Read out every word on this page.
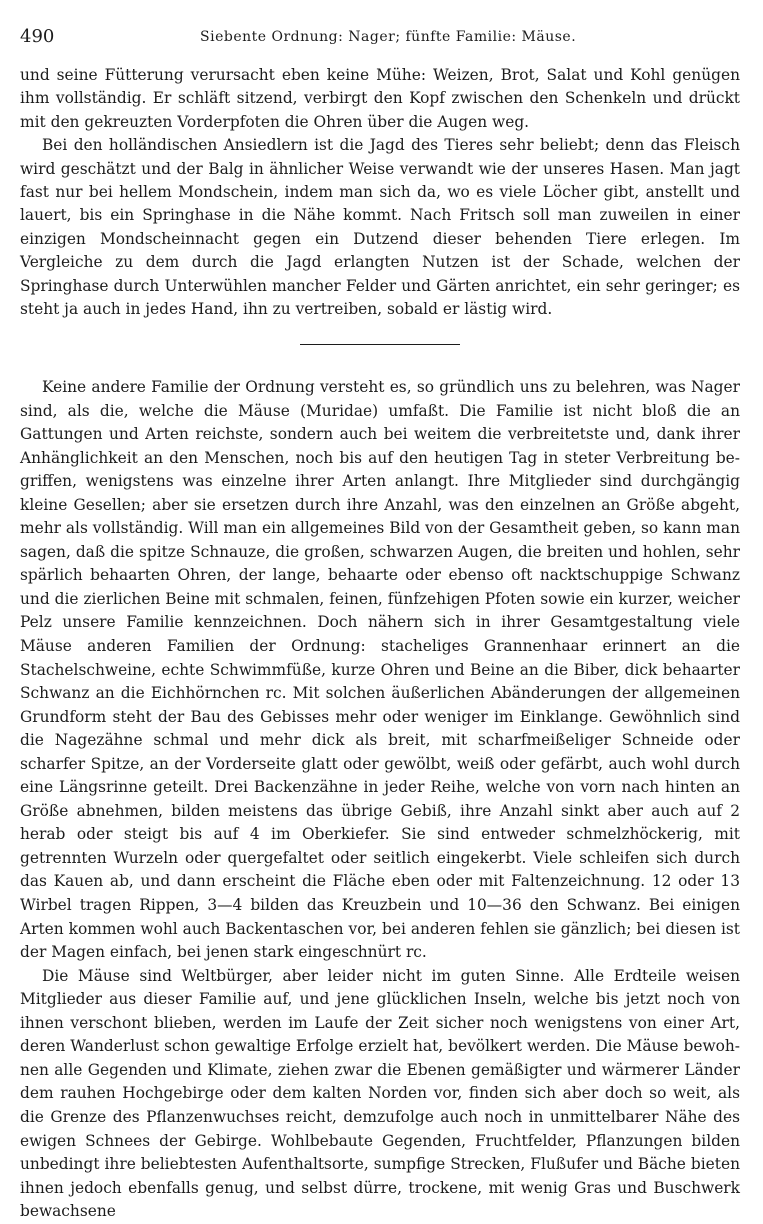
490	Siebente Ordnung: Nager; fünfte Familie: Mäuse.

und seine Fütterung verursacht eben keine Mühe: Weizen, Brot, Salat und Kohl genügen ihm vollständig. Er schläft sitzend, verbirgt den Kopf zwischen den Schenkeln und drückt mit den gekreuzten Vorderpfoten die Ohren über die Augen weg.

Bei den holländischen Ansiedlern ist die Jagd des Tieres sehr beliebt; denn das Fleisch wird geschätzt und der Balg in ähnlicher Weise verwandt wie der unseres Hasen. Man jagt fast nur bei hellem Mondschein, indem man sich da, wo es viele Löcher gibt, anstellt und lauert, bis ein Springhase in die Nähe kommt. Nach Fritsch soll man zuweilen in einer einzigen Mondscheinnacht gegen ein Dutzend dieser behenden Tiere erlegen. Im Vergleiche zu dem durch die Jagd erlangten Nutzen ist der Schade, welchen der Springhase durch Unterwühlen mancher Felder und Gärten anrichtet, ein sehr geringer; es steht ja auch in jedes Hand, ihn zu vertreiben, sobald er lästig wird.

Keine andere Familie der Ordnung versteht es, so gründlich uns zu belehren, was Nager sind, als die, welche die Mäuse (Muridae) umfaßt. Die Familie ist nicht bloß die an Gattungen und Arten reichste, sondern auch bei weitem die verbreitetste und, dank ihrer Anhänglichkeit an den Menschen, noch bis auf den heutigen Tag in steter Verbreitung begriffen, wenigstens was einzelne ihrer Arten anlangt. Ihre Mitglieder sind durchgängig kleine Gesellen; aber sie ersetzen durch ihre Anzahl, was den einzelnen an Größe abgeht, mehr als vollständig. Will man ein allgemeines Bild von der Gesamtheit geben, so kann man sagen, daß die spitze Schnauze, die großen, schwarzen Augen, die breiten und hohlen, sehr spärlich behaarten Ohren, der lange, behaarte oder ebenso oft nacktschuppige Schwanz und die zierlichen Beine mit schmalen, feinen, fünfzehigen Pfoten sowie ein kurzer, weicher Pelz unsere Familie kennzeichnen. Doch nähern sich in ihrer Gesamtgestaltung viele Mäuse anderen Familien der Ordnung: stacheliges Grannenhaar erinnert an die Stachelschweine, echte Schwimmfüße, kurze Ohren und Beine an die Biber, dick behaarter Schwanz an die Eichhörnchen rc. Mit solchen äußerlichen Abänderungen der allgemeinen Grundform steht der Bau des Gebisses mehr oder weniger im Einklange. Gewöhnlich sind die Nagezähne schmal und mehr dick als breit, mit scharfmeißeliger Schneide oder scharfer Spitze, an der Vorderseite glatt oder gewölbt, weiß oder gefärbt, auch wohl durch eine Längsrinne geteilt. Drei Backenzähne in jeder Reihe, welche von vorn nach hinten an Größe abnehmen, bilden meistens das übrige Gebiß, ihre Anzahl sinkt aber auch auf 2 herab oder steigt bis auf 4 im Oberkiefer. Sie sind entweder schmelzhöckerig, mit getrennten Wurzeln oder quergefaltet oder seitlich eingekerbt. Viele schleifen sich durch das Kauen ab, und dann erscheint die Fläche eben oder mit Faltenzeichnung. 12 oder 13 Wirbel tragen Rippen, 3—4 bilden das Kreuzbein und 10—36 den Schwanz. Bei einigen Arten kommen wohl auch Backentaschen vor, bei anderen fehlen sie gänzlich; bei diesen ist der Magen einfach, bei jenen stark eingeschnürt rc.

Die Mäuse sind Weltbürger, aber leider nicht im guten Sinne. Alle Erdteile weisen Mitglieder aus dieser Familie auf, und jene glücklichen Inseln, welche bis jetzt noch von ihnen verschont blieben, werden im Laufe der Zeit sicher noch wenigstens von einer Art, deren Wanderlust schon gewaltige Erfolge erzielt hat, bevölkert werden. Die Mäuse bewohnen alle Gegenden und Klimate, ziehen zwar die Ebenen gemäßigter und wärmerer Länder dem rauhen Hochgebirge oder dem kalten Norden vor, finden sich aber doch so weit, als die Grenze des Pflanzenwuchses reicht, demzufolge auch noch in unmittelbarer Nähe des ewigen Schnees der Gebirge. Wohlbebaute Gegenden, Fruchtfelder, Pflanzungen bilden unbedingt ihre beliebtesten Aufenthaltsorte, sumpfige Strecken, Flußufer und Bäche bieten ihnen jedoch ebenfalls genug, und selbst dürre, trockene, mit wenig Gras und Buschwerk bewachsene
